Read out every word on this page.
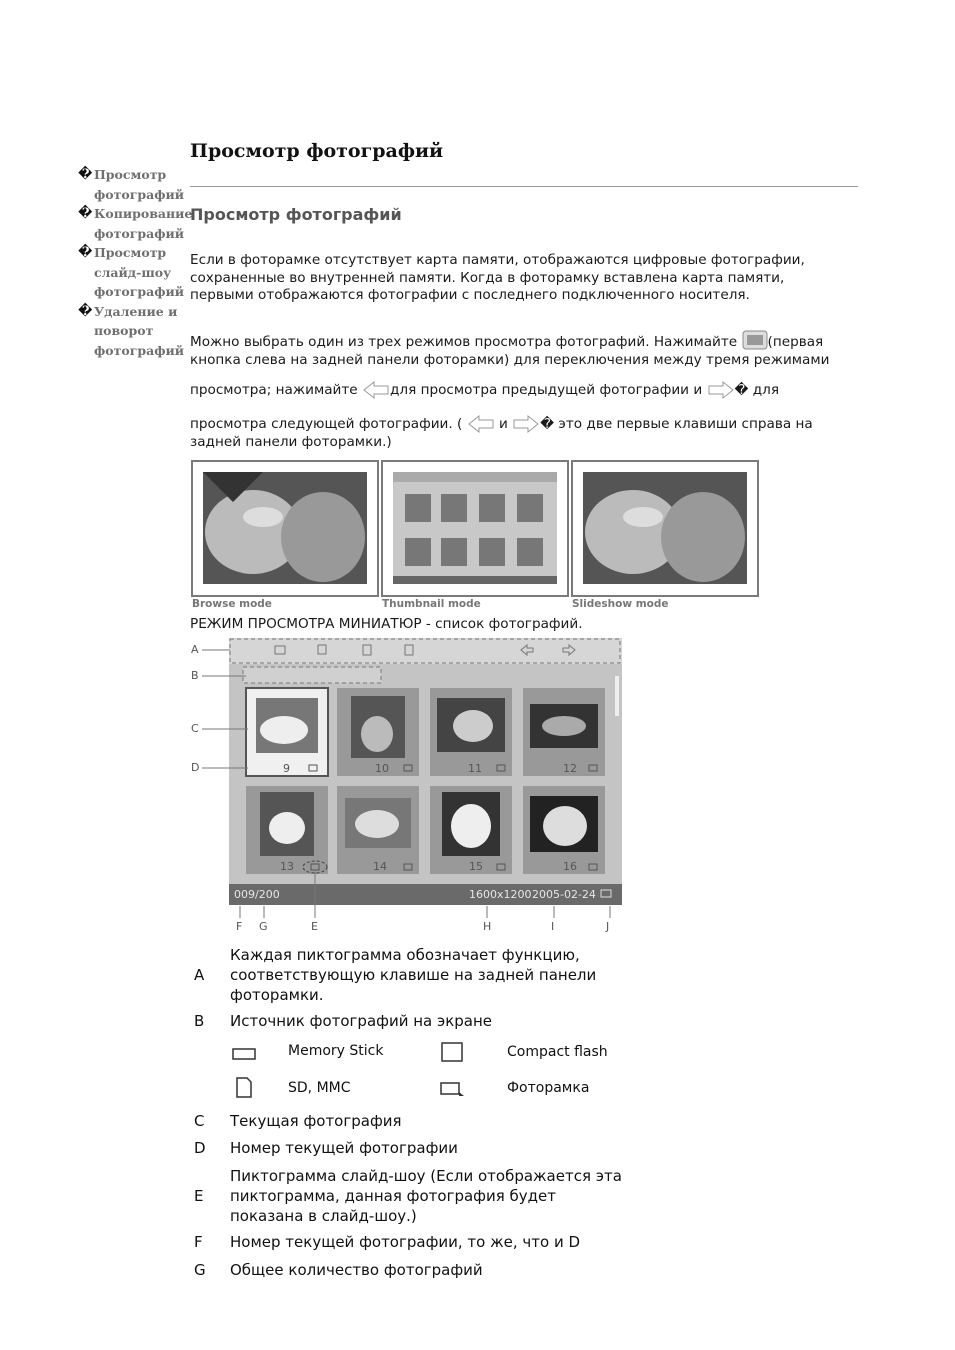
� Просмотр
фотографий
� Копирование
фотографий
� Просмотр
слайд-шоу
фотографий
� Удаление и
поворот
фотографий
Просмотр фотографий
Просмотр фотографий
Если в фоторамке отсутствует карта памяти, отображаются цифровые фотографии, сохраненные во внутренней памяти. Когда в фоторамку вставлена карта памяти, первыми отображаются фотографии с последнего подключенного носителя.
Можно выбрать один из трех режимов просмотра фотографий. Нажимайте (первая
кнопка слева на задней панели фоторамки) для переключения между тремя режимами
просмотра; нажимайте для просмотра предыдущей фотографии и � для
просмотра следующей фотографии. (	и � это две первые клавиши справа на
задней панели фоторамки.)
Browse mode	Thumbnail mode	Slideshow mode
РЕЖИМ ПРОСМОТРА МИНИАТЮР - список фотографий.
9	10	11	12
13	14	15	16
009/200	1600x1200 2005-02-24
A
B
C
D
F G	E	H	I	J
A
Каждая пиктограмма обозначает функцию, соответствующую клавише на задней панели фоторамки.
B Источник фотографий на экране
Memory Stick	Compact flash
SD, MMC	Фоторамка
C Текущая фотография
D Номер текущей фотографии
E
Пиктограмма слайд-шоу (Если отображается эта пиктограмма, данная фотография будет показана в слайд-шоу.)
F Номер текущей фотографии, то же, что и D
G Общее количество фотографий
